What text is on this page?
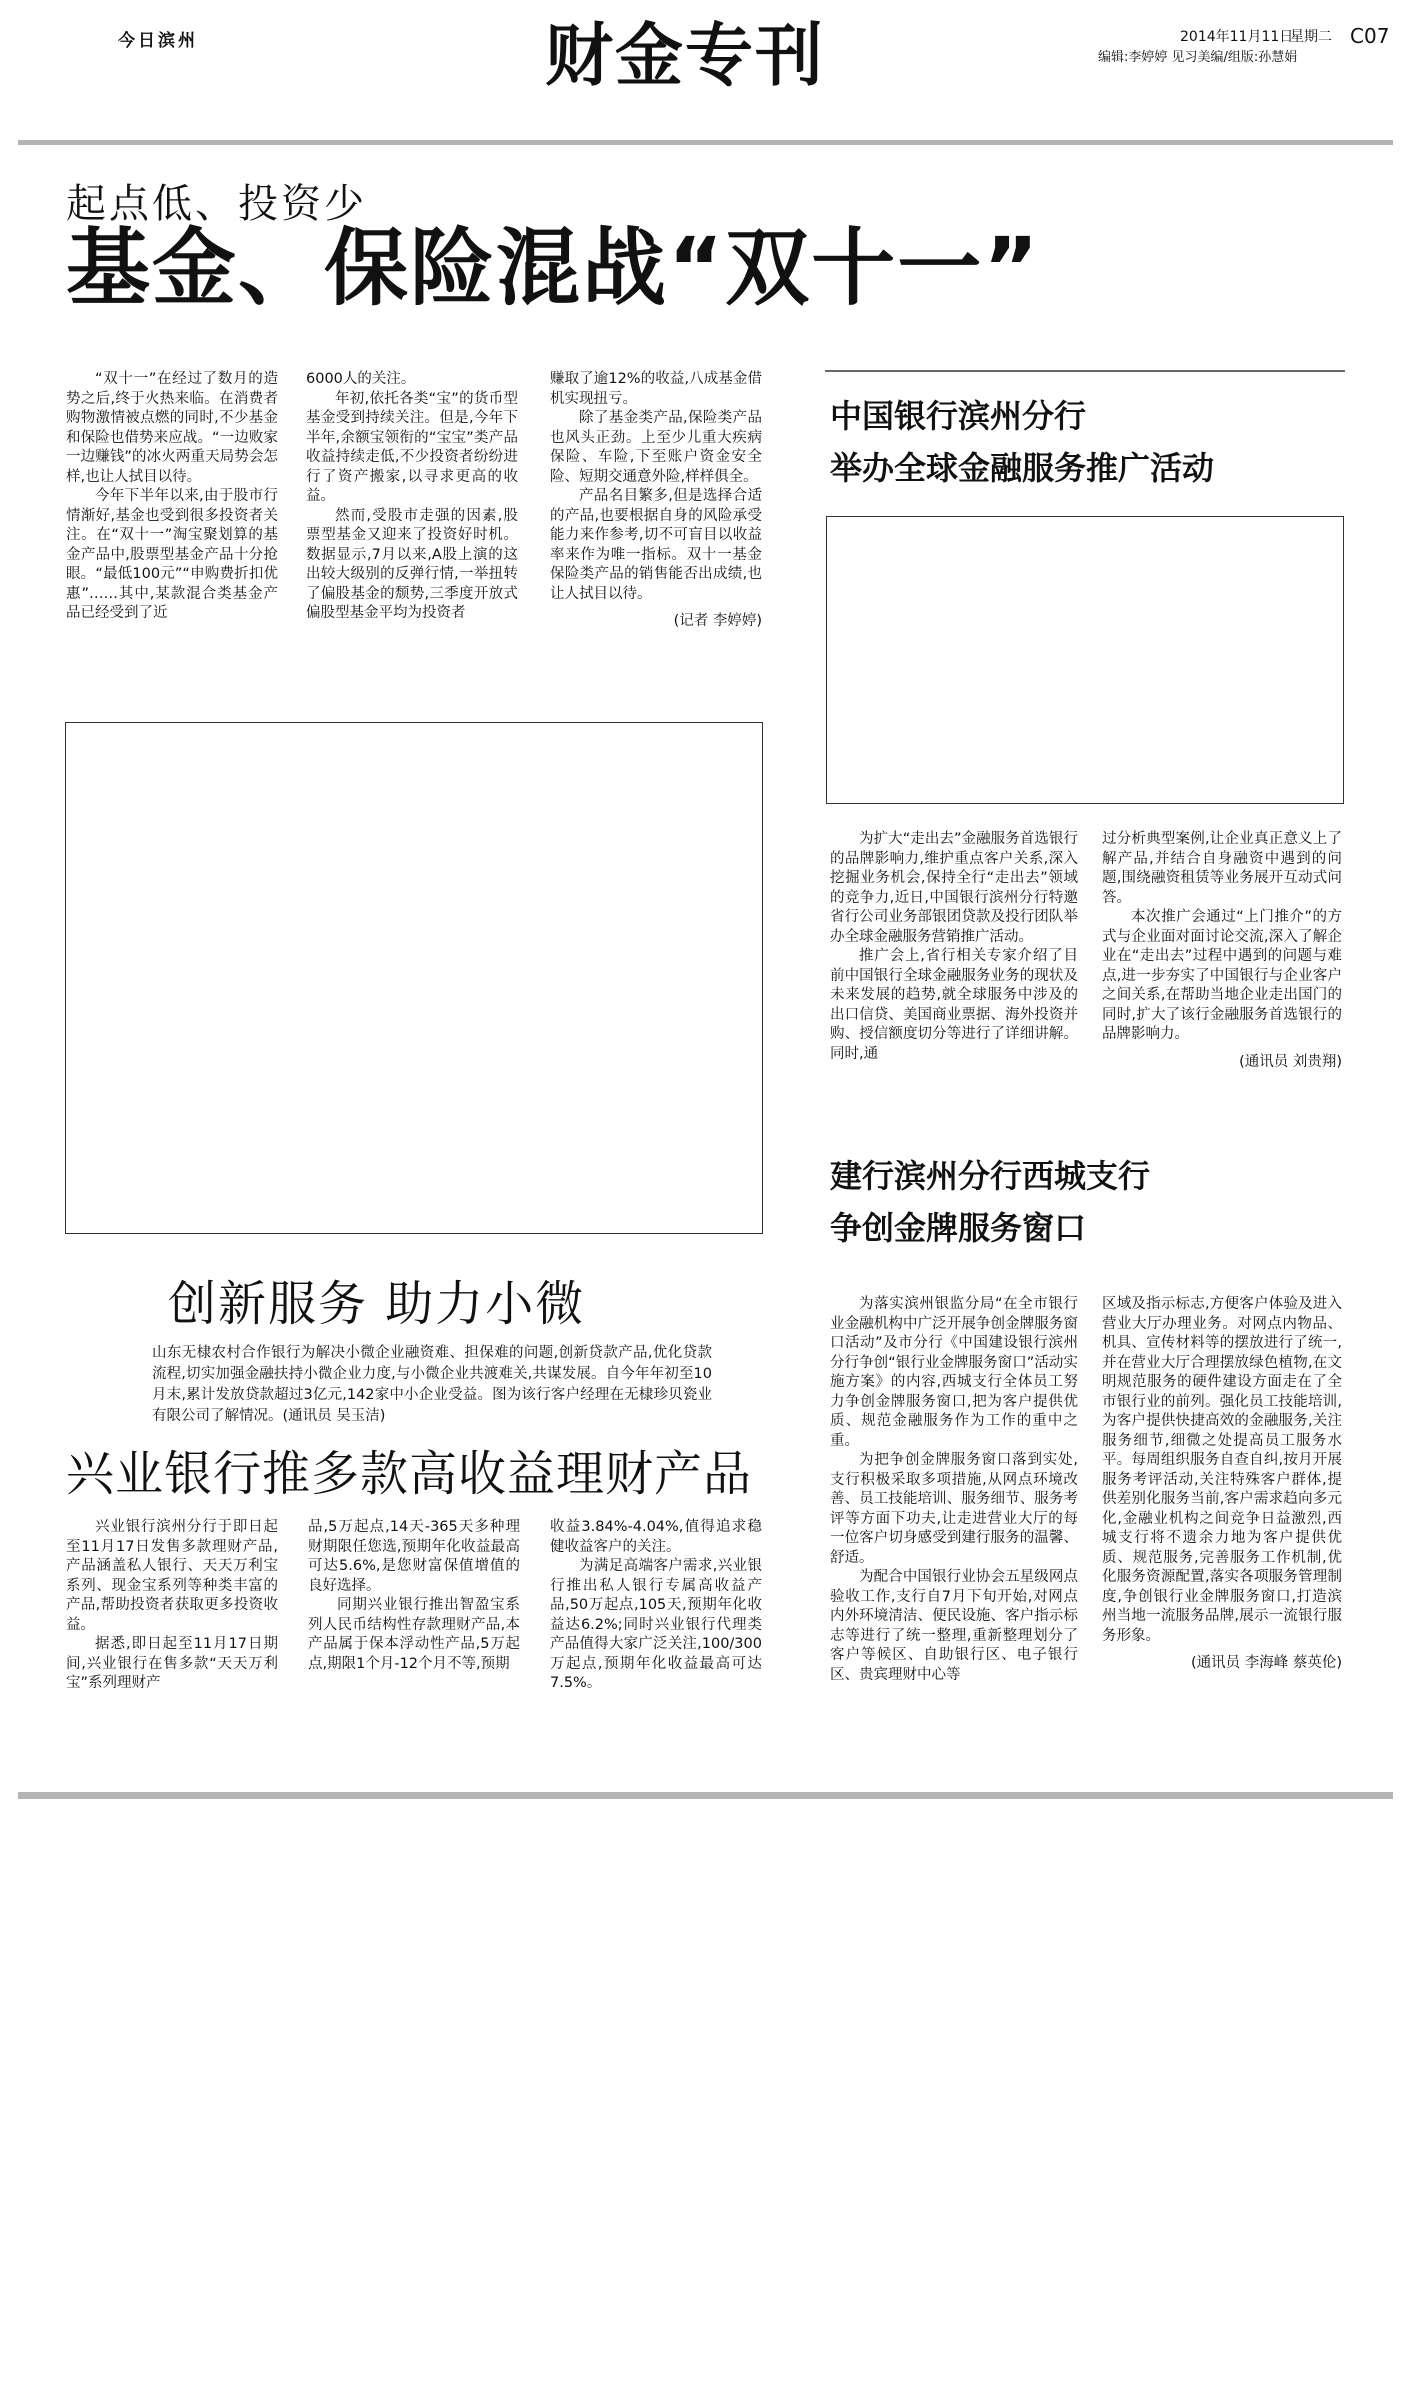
今日滨州	财金专刊	2014年11月11日
星期二 C07
编辑:李婷婷 见习美编/组版:孙慧娟
起点低、投资少
基金、保险混战“双十一”

“双十一”在经过了数月的造势之后,终于火热来临。在消费者购物激情被点燃的同时,不少基金和保险也借势来应战。“一边败家一边赚钱”的冰火两重天局势会怎样,也让人拭目以待。

今年下半年以来,由于股市行情渐好,基金也受到很多投资者关注。在“双十一”淘宝聚划算的基金产品中,股票型基金产品十分抢眼。“最低100元”“申购费折扣优惠”……其中,某款混合类基金产品已经受到了近

6000人的关注。

年初,依托各类“宝”的货币型基金受到持续关注。但是,今年下半年,余额宝领衔的“宝宝”类产品收益持续走低,不少投资者纷纷进行了资产搬家,以寻求更高的收益。

然而,受股市走强的因素,股票型基金又迎来了投资好时机。数据显示,7月以来,A股上演的这出较大级别的反弹行情,一举扭转了偏股基金的颓势,三季度开放式偏股型基金平均为投资者

赚取了逾12%的收益,八成基金借机实现扭亏。

除了基金类产品,保险类产品也风头正劲。上至少儿重大疾病保险、车险,下至账户资金安全险、短期交通意外险,样样俱全。

产品名目繁多,但是选择合适的产品,也要根据自身的风险承受能力来作参考,切不可盲目以收益率来作为唯一指标。双十一基金保险类产品的销售能否出成绩,也让人拭目以待。

(记者 李婷婷)

创新服务 助力小微
山东无棣农村合作银行为解决小微企业融资难、担保难的问题,创新贷款产品,优化贷款流程,切实加强金融扶持小微企业力度,与小微企业共渡难关,共谋发展。自今年年初至10月末,累计发放贷款超过3亿元,142家中小企业受益。图为该行客户经理在无棣珍贝瓷业有限公司了解情况。(通讯员 吴玉洁)
兴业银行推多款高收益理财产品

兴业银行滨州分行于即日起至11月17日发售多款理财产品,产品涵盖私人银行、天天万利宝系列、现金宝系列等种类丰富的产品,帮助投资者获取更多投资收益。

据悉,即日起至11月17日期间,兴业银行在售多款“天天万利宝”系列理财产

品,5万起点,14天-365天多种理财期限任您选,预期年化收益最高可达5.6%,是您财富保值增值的良好选择。

同期兴业银行推出智盈宝系列人民币结构性存款理财产品,本产品属于保本浮动性产品,5万起点,期限1个月-12个月不等,预期

收益3.84%-4.04%,值得追求稳健收益客户的关注。

为满足高端客户需求,兴业银行推出私人银行专属高收益产品,50万起点,105天,预期年化收益达6.2%;同时兴业银行代理类产品值得大家广泛关注,100/300万起点,预期年化收益最高可达7.5%。

中国银行滨州分行
举办全球金融服务推广活动

为扩大“走出去”金融服务首选银行的品牌影响力,维护重点客户关系,深入挖掘业务机会,保持全行“走出去”领域的竞争力,近日,中国银行滨州分行特邀省行公司业务部银团贷款及投行团队举办全球金融服务营销推广活动。

推广会上,省行相关专家介绍了目前中国银行全球金融服务业务的现状及未来发展的趋势,就全球服务中涉及的出口信贷、美国商业票据、海外投资并购、授信额度切分等进行了详细讲解。同时,通

过分析典型案例,让企业真正意义上了解产品,并结合自身融资中遇到的问题,围绕融资租赁等业务展开互动式问答。

本次推广会通过“上门推介”的方式与企业面对面讨论交流,深入了解企业在“走出去”过程中遇到的问题与难点,进一步夯实了中国银行与企业客户之间关系,在帮助当地企业走出国门的同时,扩大了该行金融服务首选银行的品牌影响力。

(通讯员 刘贵翔)

建行滨州分行西城支行
争创金牌服务窗口

为落实滨州银监分局“在全市银行业金融机构中广泛开展争创金牌服务窗口活动”及市分行《中国建设银行滨州分行争创“银行业金牌服务窗口”活动实施方案》的内容,西城支行全体员工努力争创金牌服务窗口,把为客户提供优质、规范金融服务作为工作的重中之重。

为把争创金牌服务窗口落到实处,支行积极采取多项措施,从网点环境改善、员工技能培训、服务细节、服务考评等方面下功夫,让走进营业大厅的每一位客户切身感受到建行服务的温馨、舒适。

为配合中国银行业协会五星级网点验收工作,支行自7月下旬开始,对网点内外环境清洁、便民设施、客户指示标志等进行了统一整理,重新整理划分了客户等候区、自助银行区、电子银行区、贵宾理财中心等

区域及指示标志,方便客户体验及进入营业大厅办理业务。对网点内物品、机具、宣传材料等的摆放进行了统一,并在营业大厅合理摆放绿色植物,在文明规范服务的硬件建设方面走在了全市银行业的前列。强化员工技能培训,为客户提供快捷高效的金融服务,关注服务细节,细微之处提高员工服务水平。每周组织服务自查自纠,按月开展服务考评活动,关注特殊客户群体,提供差别化服务当前,客户需求趋向多元化,金融业机构之间竞争日益激烈,西城支行将不遗余力地为客户提供优质、规范服务,完善服务工作机制,优化服务资源配置,落实各项服务管理制度,争创银行业金牌服务窗口,打造滨州当地一流服务品牌,展示一流银行服务形象。

(通讯员 李海峰 蔡英伦)
